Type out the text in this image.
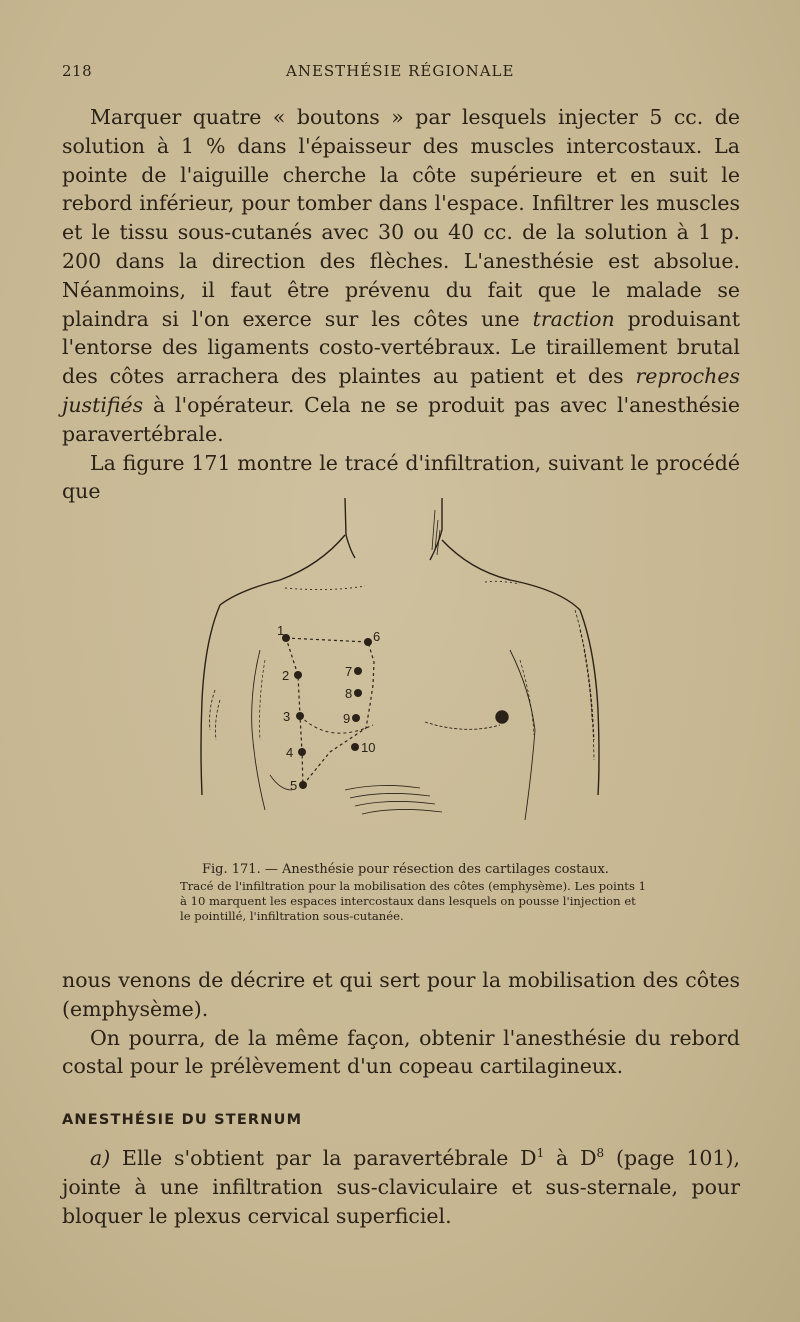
218	ANESTHÉSIE RÉGIONALE

Marquer quatre « boutons » par lesquels injecter 5 cc. de solution à 1 % dans l'épaisseur des muscles intercostaux. La pointe de l'aiguille cherche la côte supérieure et en suit le rebord inférieur, pour tomber dans l'espace. Infiltrer les muscles et le tissu sous-cutanés avec 30 ou 40 cc. de la solution à 1 p. 200 dans la direction des flèches. L'anesthésie est absolue. Néanmoins, il faut être prévenu du fait que le malade se plaindra si l'on exerce sur les côtes une traction produisant l'entorse des ligaments costo-vertébraux. Le tiraillement brutal des côtes arrachera des plaintes au patient et des reproches justifiés à l'opérateur. Cela ne se produit pas avec l'anesthésie paravertébrale.

La figure 171 montre le tracé d'infiltration, suivant le procédé que

1
2
3
4
5
6
7
8
9
10
Fig. 171. — Anesthésie pour résection des cartilages costaux.
Tracé de l'infiltration pour la mobilisation des côtes (emphysème). Les points 1 à 10 marquent les espaces intercostaux dans lesquels on pousse l'injection et le pointillé, l'infiltration sous-cutanée.

nous venons de décrire et qui sert pour la mobilisation des côtes (emphysème).

On pourra, de la même façon, obtenir l'anesthésie du rebord costal pour le prélèvement d'un copeau cartilagineux.

ANESTHÉSIE DU STERNUM

a) Elle s'obtient par la paravertébrale $D^1$ à $D^8$ (page 101), jointe à une infiltration sus-claviculaire et sus-sternale, pour bloquer le plexus cervical superficiel.
